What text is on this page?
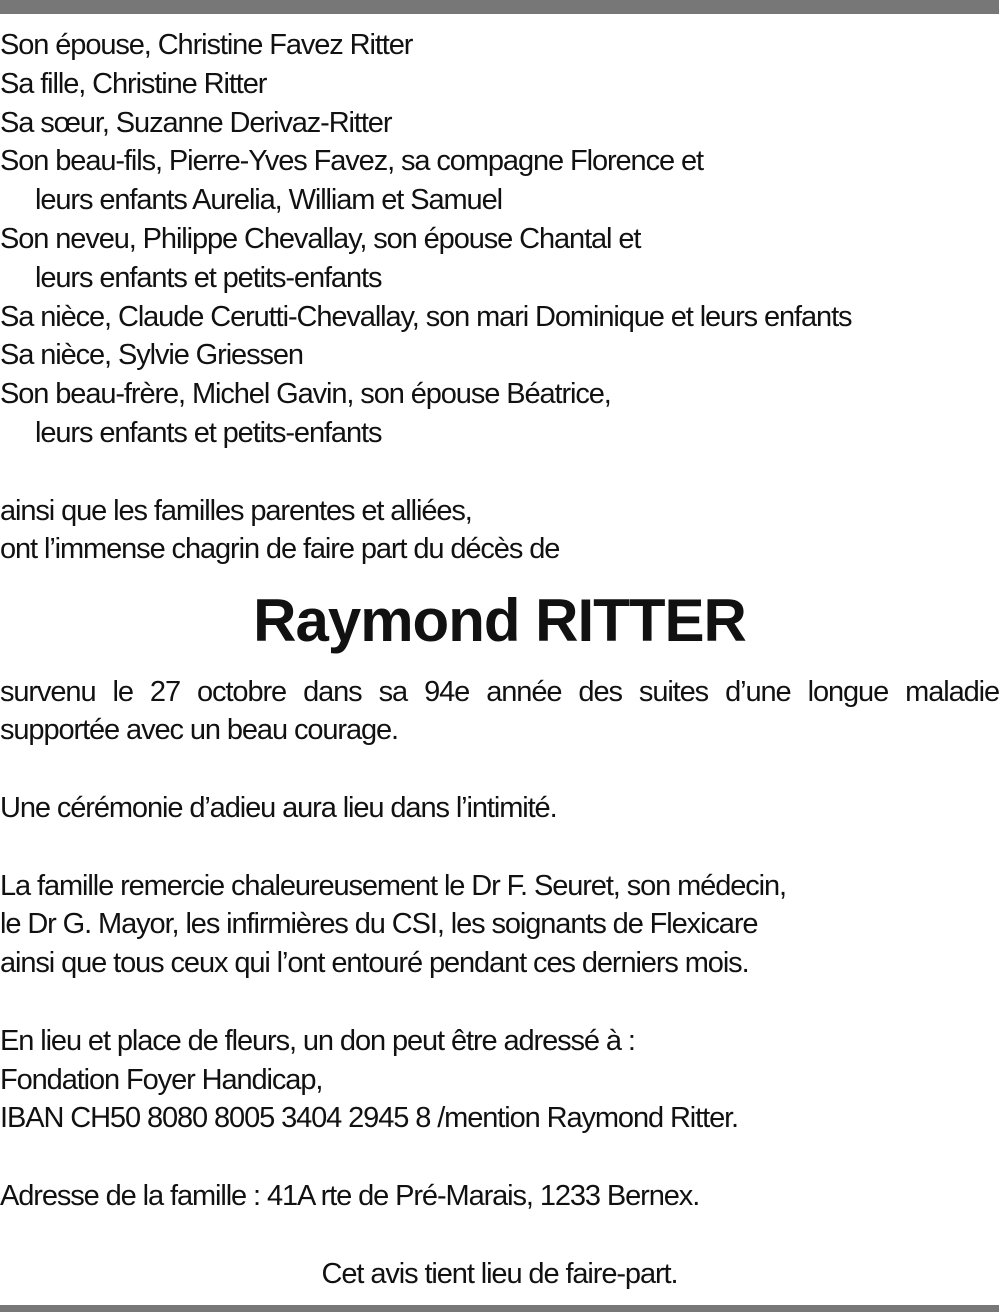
Son épouse, Christine Favez Ritter
Sa fille, Christine Ritter
Sa sœur, Suzanne Derivaz-Ritter
Son beau-fils, Pierre-Yves Favez, sa compagne Florence et
leurs enfants Aurelia, William et Samuel
Son neveu, Philippe Chevallay, son épouse Chantal et
leurs enfants et petits-enfants
Sa nièce, Claude Cerutti-Chevallay, son mari Dominique et leurs enfants
Sa nièce, Sylvie Griessen
Son beau-frère, Michel Gavin, son épouse Béatrice,
leurs enfants et petits-enfants
ainsi que les familles parentes et alliées,
ont l’immense chagrin de faire part du décès de
Raymond RITTER
survenu le 27 octobre dans sa 94e année des suites d’une longue maladie
supportée avec un beau courage.
Une cérémonie d’adieu aura lieu dans l’intimité.
La famille remercie chaleureusement le Dr F. Seuret, son médecin,
le Dr G. Mayor, les infirmières du CSI, les soignants de Flexicare
ainsi que tous ceux qui l’ont entouré pendant ces derniers mois.
En lieu et place de fleurs, un don peut être adressé à :
Fondation Foyer Handicap,
IBAN CH50 8080 8005 3404 2945 8 /mention Raymond Ritter.
Adresse de la famille : 41A rte de Pré-Marais, 1233 Bernex.
Cet avis tient lieu de faire-part.
